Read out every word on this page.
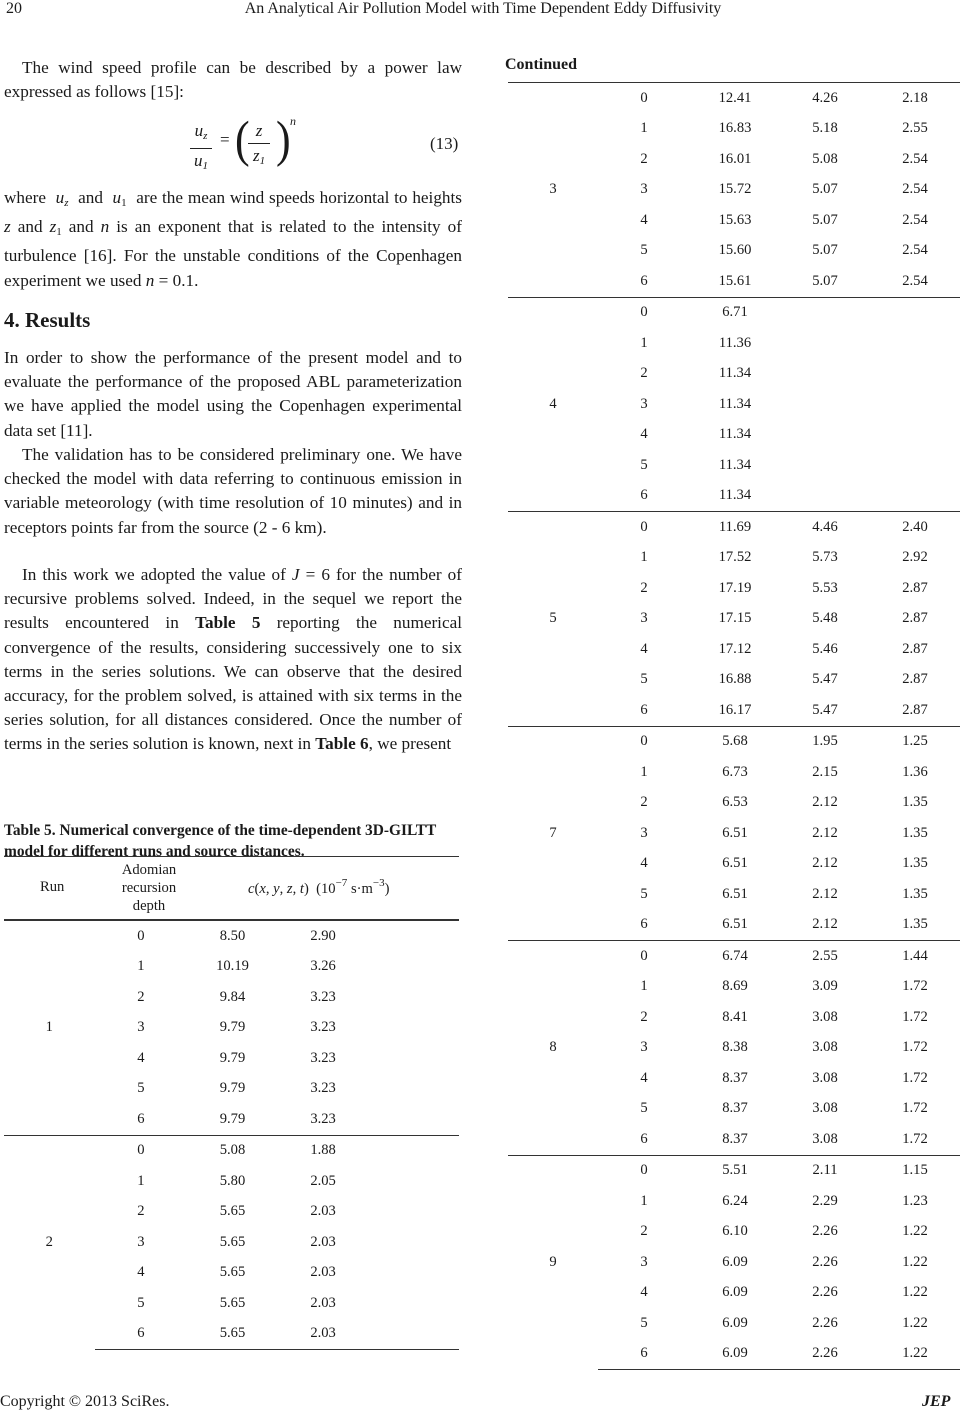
20	An Analytical Air Pollution Model with Time Dependent Eddy Diffusivity

The wind speed profile can be described by a power law expressed as follows [15]:

$u_z$
$u_1$
= ( z
$z_1$ ) n
(13)

where  $u_z$  and  $u_1$  are the mean wind speeds horizontal to heights z and $z_1$ and n is an exponent that is related to the intensity of turbulence [16]. For the unstable conditions of the Copenhagen experiment we used n = 0.1.

4. Results

In order to show the performance of the present model and to evaluate the performance of the proposed ABL parameterization we have applied the model using the Copenhagen experimental data set [11].

The validation has to be considered preliminary one. We have checked the model with data referring to continuous emission in variable meteorology (with time resolution of 10 minutes) and in receptors points far from the source (2 - 6 km).

In this work we adopted the value of J = 6 for the number of recursive problems solved. Indeed, in the sequel we report the results encountered in Table 5 reporting the numerical convergence of the results, considering successively one to six terms in the series solutions. We can observe that the desired accuracy, for the problem solved, is attained with six terms in the series solution, for all distances considered. Once the number of terms in the series solution is known, next in Table 6, we present

Table 5. Numerical convergence of the time-dependent 3D-GILTT model for different runs and source distances.
Run
Adomian recursion depth
c(x, y, z, t)  ($10^{-7}$ $s\cdot m^{-3}$)
1	0	8.50	2.90	
	1	10.19	3.26	
	2	9.84	3.23	
	3	9.79	3.23	
	4	9.79	3.23	
	5	9.79	3.23	
	6	9.79	3.23	
2	0	5.08	1.88	
	1	5.80	2.05	
	2	5.65	2.03	
	3	5.65	2.03	
	4	5.65	2.03	
	5	5.65	2.03	
	6	5.65	2.03	
Continued
3	0	12.41	4.26	2.18
	1	16.83	5.18	2.55
	2	16.01	5.08	2.54
	3	15.72	5.07	2.54
	4	15.63	5.07	2.54
	5	15.60	5.07	2.54
	6	15.61	5.07	2.54
4	0	6.71		
	1	11.36		
	2	11.34		
	3	11.34		
	4	11.34		
	5	11.34		
	6	11.34		
5	0	11.69	4.46	2.40
	1	17.52	5.73	2.92
	2	17.19	5.53	2.87
	3	17.15	5.48	2.87
	4	17.12	5.46	2.87
	5	16.88	5.47	2.87
	6	16.17	5.47	2.87
7	0	5.68	1.95	1.25
	1	6.73	2.15	1.36
	2	6.53	2.12	1.35
	3	6.51	2.12	1.35
	4	6.51	2.12	1.35
	5	6.51	2.12	1.35
	6	6.51	2.12	1.35
8	0	6.74	2.55	1.44
	1	8.69	3.09	1.72
	2	8.41	3.08	1.72
	3	8.38	3.08	1.72
	4	8.37	3.08	1.72
	5	8.37	3.08	1.72
	6	8.37	3.08	1.72
9	0	5.51	2.11	1.15
	1	6.24	2.29	1.23
	2	6.10	2.26	1.22
	3	6.09	2.26	1.22
	4	6.09	2.26	1.22
	5	6.09	2.26	1.22
	6	6.09	2.26	1.22
Copyright © 2013 SciRes.	JEP
